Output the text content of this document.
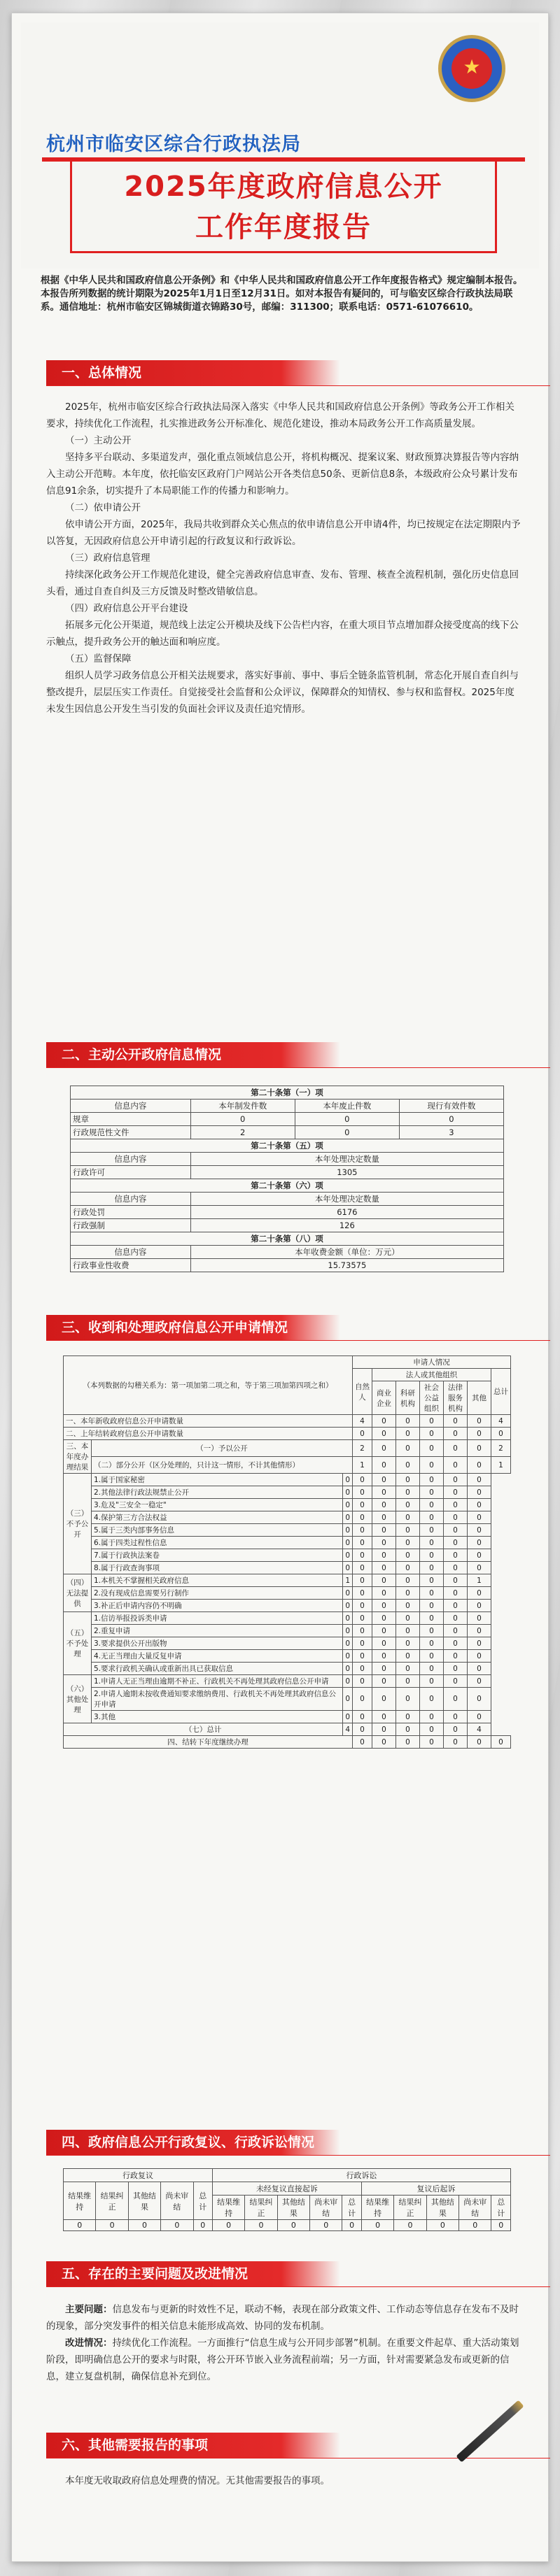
★
杭州市临安区综合行政执法局
2025年度政府信息公开
工作年度报告
根据《中华人民共和国政府信息公开条例》和《中华人民共和国政府信息公开工作年度报告格式》规定编制本报告。本报告所列数据的统计期限为2025年1月1日至12月31日。如对本报告有疑问的，可与临安区综合行政执法局联系。通信地址：杭州市临安区锦城街道衣锦路30号，邮编：311300；联系电话：0571-61076610。
一、总体情况

2025年，杭州市临安区综合行政执法局深入落实《中华人民共和国政府信息公开条例》等政务公开工作相关要求，持续优化工作流程，扎实推进政务公开标准化、规范化建设，推动本局政务公开工作高质量发展。

（一）主动公开

坚持多平台联动、多渠道发声，强化重点领域信息公开，将机构概况、提案议案、财政预算决算报告等内容纳入主动公开范畴。本年度，依托临安区政府门户网站公开各类信息50条、更新信息8条，本级政府公众号累计发布信息91余条，切实提升了本局职能工作的传播力和影响力。

（二）依申请公开

依申请公开方面，2025年，我局共收到群众关心焦点的依申请信息公开申请4件，均已按规定在法定期限内予以答复，无因政府信息公开申请引起的行政复议和行政诉讼。

（三）政府信息管理

持续深化政务公开工作规范化建设，健全完善政府信息审查、发布、管理、核查全流程机制，强化历史信息回头看，通过自查自纠及三方反馈及时整改错敏信息。

（四）政府信息公开平台建设

拓展多元化公开渠道，规范线上法定公开模块及线下公告栏内容，在重大项目节点增加群众接受度高的线下公示触点，提升政务公开的触达面和响应度。

（五）监督保障

组织人员学习政务信息公开相关法规要求，落实好事前、事中、事后全链条监管机制，常态化开展自查自纠与整改提升，层层压实工作责任。自觉接受社会监督和公众评议，保障群众的知情权、参与权和监督权。2025年度未发生因信息公开发生当引发的负面社会评议及责任追究情形。

二、主动公开政府信息情况
第二十条第（一）项			
信息内容	本年制发件数	本年废止件数	现行有效件数
规章	0	0	0
行政规范性文件	2	0	3
第二十条第（五）项			
信息内容	本年处理决定数量		
行政许可	1305		
第二十条第（六）项			
信息内容	本年处理决定数量		
行政处罚	6176		
行政强制	126		
第二十条第（八）项			
信息内容	本年收费金额（单位：万元）		
行政事业性收费	15.73575		
三、收到和处理政府信息公开申请情况
（本列数据的勾稽关系为：第一项加第二项之和，等于第三项加第四项之和）			申请人情况						
			自然人	法人或其他组织					总计
				商业企业	科研机构	社会公益组织	法律服务机构	其他	
一、本年新收政府信息公开申请数量			4	0	0	0	0	0	4
二、上年结转政府信息公开申请数量			0	0	0	0	0	0	0
三、本年度办理结果	（一）予以公开		2	0	0	0	0	0	2
	（二）部分公开（区分处理的，只计这一情形，不计其他情形）		1	0	0	0	0	0	1
（三）不予公开	1.属于国家秘密	0	0	0	0	0	0	0	
	2.其他法律行政法规禁止公开	0	0	0	0	0	0	0	
	3.危及"三安全一稳定"	0	0	0	0	0	0	0	
	4.保护第三方合法权益	0	0	0	0	0	0	0	
	5.属于三类内部事务信息	0	0	0	0	0	0	0	
	6.属于四类过程性信息	0	0	0	0	0	0	0	
	7.属于行政执法案卷	0	0	0	0	0	0	0	
	8.属于行政查询事项	0	0	0	0	0	0	0	
（四）无法提供	1.本机关不掌握相关政府信息	1	0	0	0	0	0	1	
	2.没有现成信息需要另行制作	0	0	0	0	0	0	0	
	3.补正后申请内容仍不明确	0	0	0	0	0	0	0	
（五）不予处理	1.信访举报投诉类申请	0	0	0	0	0	0	0	
	2.重复申请	0	0	0	0	0	0	0	
	3.要求提供公开出版物	0	0	0	0	0	0	0	
	4.无正当理由大量反复申请	0	0	0	0	0	0	0	
	5.要求行政机关确认或重新出具已获取信息	0	0	0	0	0	0	0	
（六）其他处理	1.申请人无正当理由逾期不补正、行政机关不再处理其政府信息公开申请	0	0	0	0	0	0	0	
	2.申请人逾期未按收费通知要求缴纳费用、行政机关不再处理其政府信息公开申请	0	0	0	0	0	0	0	
	3.其他	0	0	0	0	0	0	0	
（七）总计		4	0	0	0	0	0	4	
四、结转下年度继续办理			0	0	0	0	0	0	0
四、政府信息公开行政复议、行政诉讼情况
行政复议					行政诉讼									
结果维持	结果纠正	其他结果	尚未审结	总计	未经复议直接起诉					复议后起诉				
					结果维持	结果纠正	其他结果	尚未审结	总计	结果维持	结果纠正	其他结果	尚未审结	总计
0	0	0	0	0	0	0	0	0	0	0	0	0	0	0
五、存在的主要问题及改进情况

主要问题：信息发布与更新的时效性不足，联动不畅，表现在部分政策文件、工作动态等信息存在发布不及时的现象，部分突发事件的相关信息未能形成高效、协同的发布机制。

改进情况：持续优化工作流程。一方面推行“信息生成与公开同步部署”机制。在重要文件起草、重大活动策划阶段，即明确信息公开的要求与时限，将公开环节嵌入业务流程前端；另一方面，针对需要紧急发布或更新的信息，建立复盘机制，确保信息补充到位。

六、其他需要报告的事项

本年度无收取政府信息处理费的情况。无其他需要报告的事项。
